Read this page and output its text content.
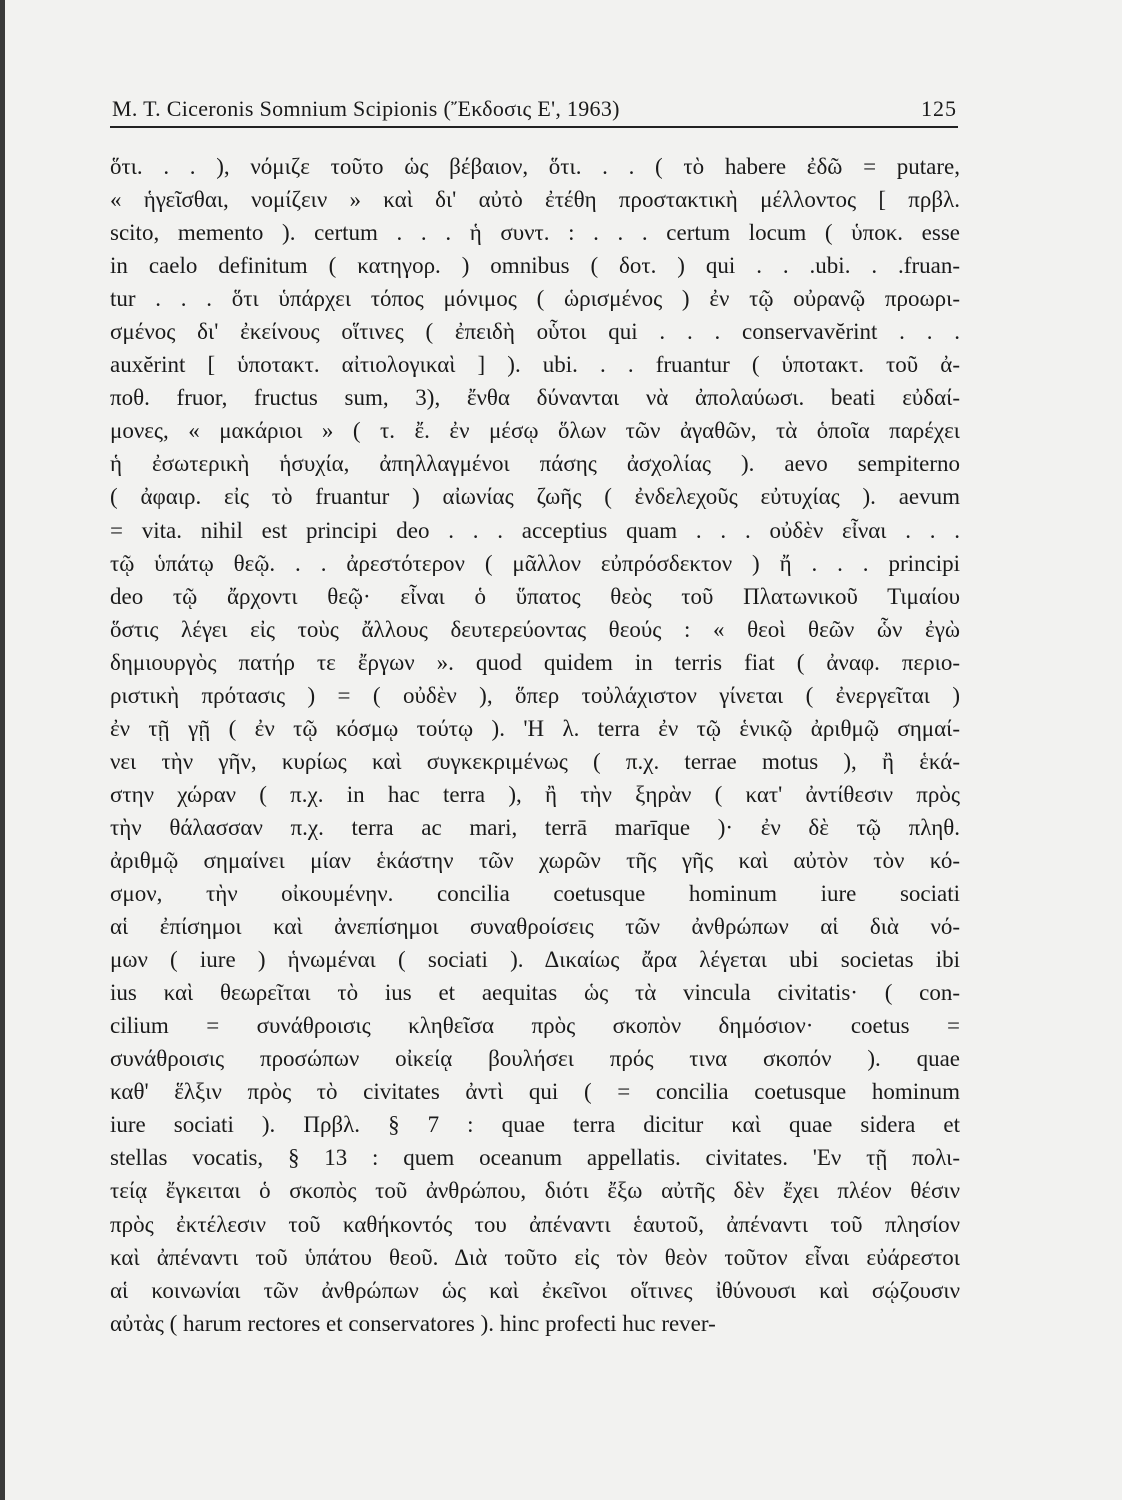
M. T. Ciceronis Somnium Scipionis (Ἔκδοσις Ε', 1963)	125
ὅτι. . . ), νόμιζε τοῦτο ὡς βέβαιον, ὅτι. . . ( τὸ habere ἐδῶ = putare,
« ἡγεῖσθαι, νομίζειν » καὶ δι' αὐτὸ ἐτέθη προστακτικὴ μέλλοντος [ πρβλ.
scito, memento ). certum . . . ἡ συντ. : . . . certum locum ( ὑποκ. esse
in caelo definitum ( κατηγορ. ) omnibus ( δοτ. ) qui . . .ubi. . .fruan-
tur . . . ὅτι ὑπάρχει τόπος μόνιμος ( ὡρισμένος ) ἐν τῷ οὐρανῷ προωρι-
σμένος δι' ἐκείνους οἵτινες ( ἐπειδὴ οὗτοι qui . . . conservavĕrint . . .
auxĕrint [ ὑποτακτ. αἰτιολογικαὶ ] ). ubi. . . fruantur ( ὑποτακτ. τοῦ ἀ-
ποθ. fruor, fructus sum, 3), ἔνθα δύνανται νὰ ἀπολαύωσι. beati εὐδαί-
μονες, « μακάριοι » ( τ. ἔ. ἐν μέσῳ ὅλων τῶν ἀγαθῶν, τὰ ὁποῖα παρέχει
ἡ ἐσωτερικὴ ἡσυχία, ἀπηλλαγμένοι πάσης ἀσχολίας ). aevo sempiterno
( ἀφαιρ. εἰς τὸ fruantur ) αἰωνίας ζωῆς ( ἐνδελεχοῦς εὐτυχίας ). aevum
= vita. nihil est principi deo . . . acceptius quam . . . οὐδὲν εἶναι . . .
τῷ ὑπάτῳ θεῷ. . . ἀρεστότερον ( μᾶλλον εὐπρόσδεκτον ) ἤ . . . principi
deo τῷ ἄρχοντι θεῷ· εἶναι ὁ ὕπατος θεὸς τοῦ Πλατωνικοῦ Τιμαίου
ὅστις λέγει εἰς τοὺς ἄλλους δευτερεύοντας θεούς : « θεοὶ θεῶν ὧν ἐγὼ
δημιουργὸς πατήρ τε ἔργων ». quod quidem in terris fiat ( ἀναφ. περιο-
ριστικὴ πρότασις ) = ( οὐδὲν ), ὅπερ τοὐλάχιστον γίνεται ( ἐνεργεῖται )
ἐν τῇ γῇ ( ἐν τῷ κόσμῳ τούτῳ ). 'Η λ. terra ἐν τῷ ἑνικῷ ἀριθμῷ σημαί-
νει τὴν γῆν, κυρίως καὶ συγκεκριμένως ( π.χ. terrae motus ), ἢ ἑκά-
στην χώραν ( π.χ. in hac terra ), ἢ τὴν ξηρὰν ( κατ' ἀντίθεσιν πρὸς
τὴν θάλασσαν π.χ. terra ac mari, terrā marīque )· ἐν δὲ τῷ πληθ.
ἀριθμῷ σημαίνει μίαν ἑκάστην τῶν χωρῶν τῆς γῆς καὶ αὐτὸν τὸν κό-
σμον, τὴν οἰκουμένην. concilia coetusque hominum iure sociati
αἱ ἐπίσημοι καὶ ἀνεπίσημοι συναθροίσεις τῶν ἀνθρώπων αἱ διὰ νό-
μων ( iure ) ἡνωμέναι ( sociati ). Δικαίως ἄρα λέγεται ubi societas ibi
ius καὶ θεωρεῖται τὸ ius et aequitas ὡς τὰ vincula civitatis· ( con-
cilium = συνάθροισις κληθεῖσα πρὸς σκοπὸν δημόσιον· coetus =
συνάθροισις προσώπων οἰκείᾳ βουλήσει πρός τινα σκοπόν ). quae
καθ' ἕλξιν πρὸς τὸ civitates ἀντὶ qui ( = concilia coetusque hominum
iure sociati ). Πρβλ. § 7 : quae terra dicitur καὶ quae sidera et
stellas vocatis, § 13 : quem oceanum appellatis. civitates. 'Εν τῇ πολι-
τείᾳ ἔγκειται ὁ σκοπὸς τοῦ ἀνθρώπου, διότι ἔξω αὐτῆς δὲν ἔχει πλέον θέσιν
πρὸς ἐκτέλεσιν τοῦ καθήκοντός του ἀπέναντι ἑαυτοῦ, ἀπέναντι τοῦ πλησίον
καὶ ἀπέναντι τοῦ ὑπάτου θεοῦ. Διὰ τοῦτο εἰς τὸν θεὸν τοῦτον εἶναι εὐάρεστοι
αἱ κοινωνίαι τῶν ἀνθρώπων ὡς καὶ ἐκεῖνοι οἵτινες ἰθύνουσι καὶ σῴζουσιν
αὐτὰς ( harum rectores et conservatores ). hinc profecti huc rever-
